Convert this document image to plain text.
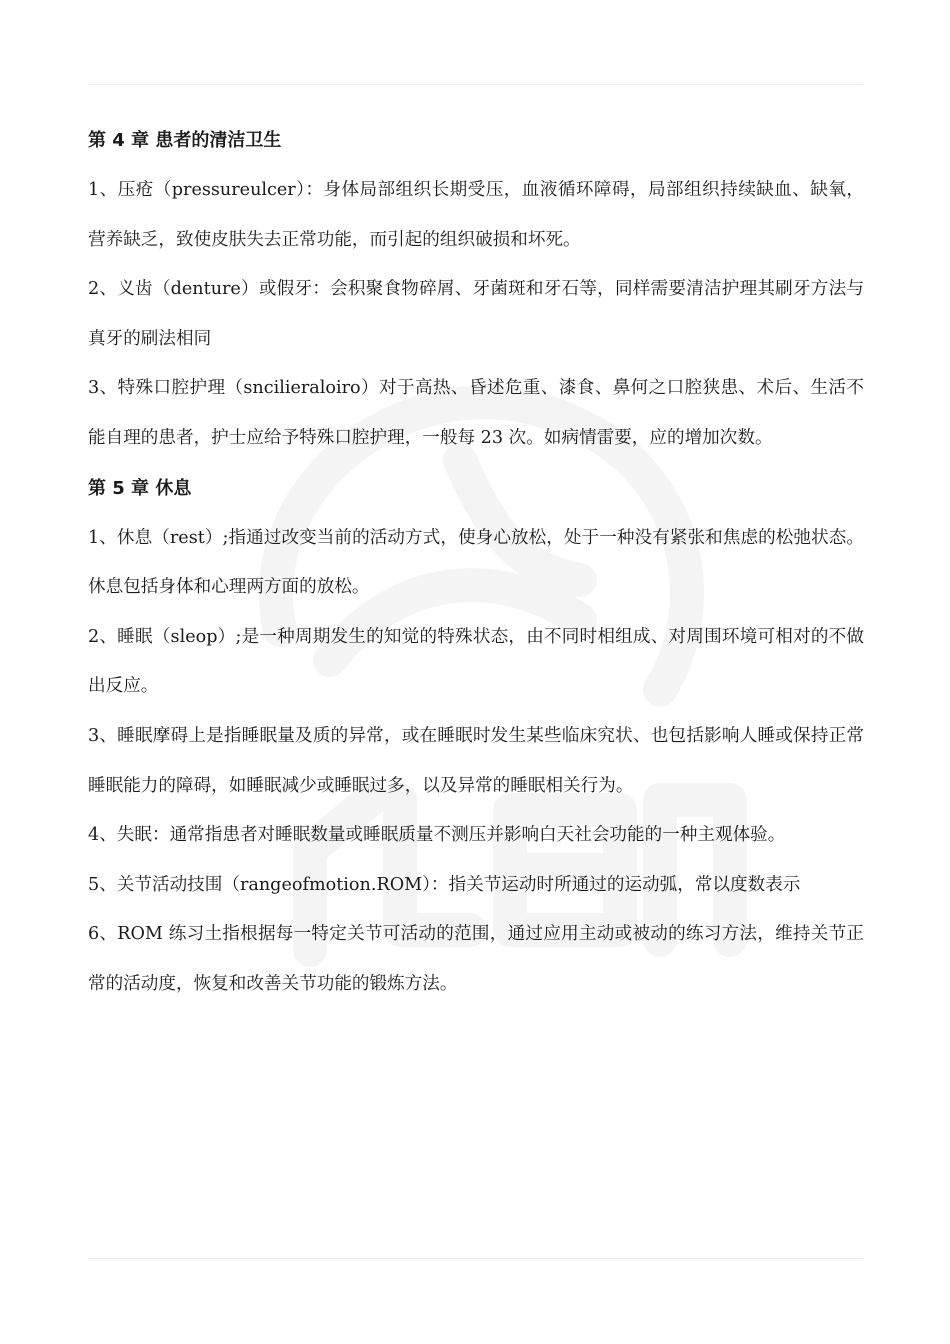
第 4 章 患者的清洁卫生

1、压疮（pressureulcer）：身体局部组织长期受压，血液循环障碍，局部组织持续缺血、缺氧，营养缺乏，致使皮肤失去正常功能，而引起的组织破损和坏死。

2、义齿（denture）或假牙：会积聚食物碎屑、牙菌斑和牙石等，同样需要清洁护理其刷牙方法与真牙的刷法相同

3、特殊口腔护理（sncilieraloiro）对于高热、昏述危重、漆食、鼻何之口腔狭患、术后、生活不能自理的患者，护士应给予特殊口腔护理，一般每 23 次。如病情雷要，应的增加次数。

第 5 章 休息

1、休息（rest）;指通过改变当前的活动方式，使身心放松，处于一种没有紧张和焦虑的松弛状态。休息包括身体和心理两方面的放松。

2、睡眠（sleop）;是一种周期发生的知觉的特殊状态，由不同时相组成、对周围环境可相对的不做出反应。

3、睡眠摩碍上是指睡眠量及质的异常，或在睡眠时发生某些临床究状、也包括影响人睡或保持正常睡眠能力的障碍，如睡眠减少或睡眠过多，以及异常的睡眠相关行为。

4、失眠：通常指患者对睡眠数量或睡眠质量不测压并影响白天社会功能的一种主观体验。

5、关节活动技围（rangeofmotion.ROM）：指关节运动时所通过的运动弧，常以度数表示

6、ROM 练习土指根据每一特定关节可活动的范围，通过应用主动或被动的练习方法，维持关节正常的活动度，恢复和改善关节功能的锻炼方法。
